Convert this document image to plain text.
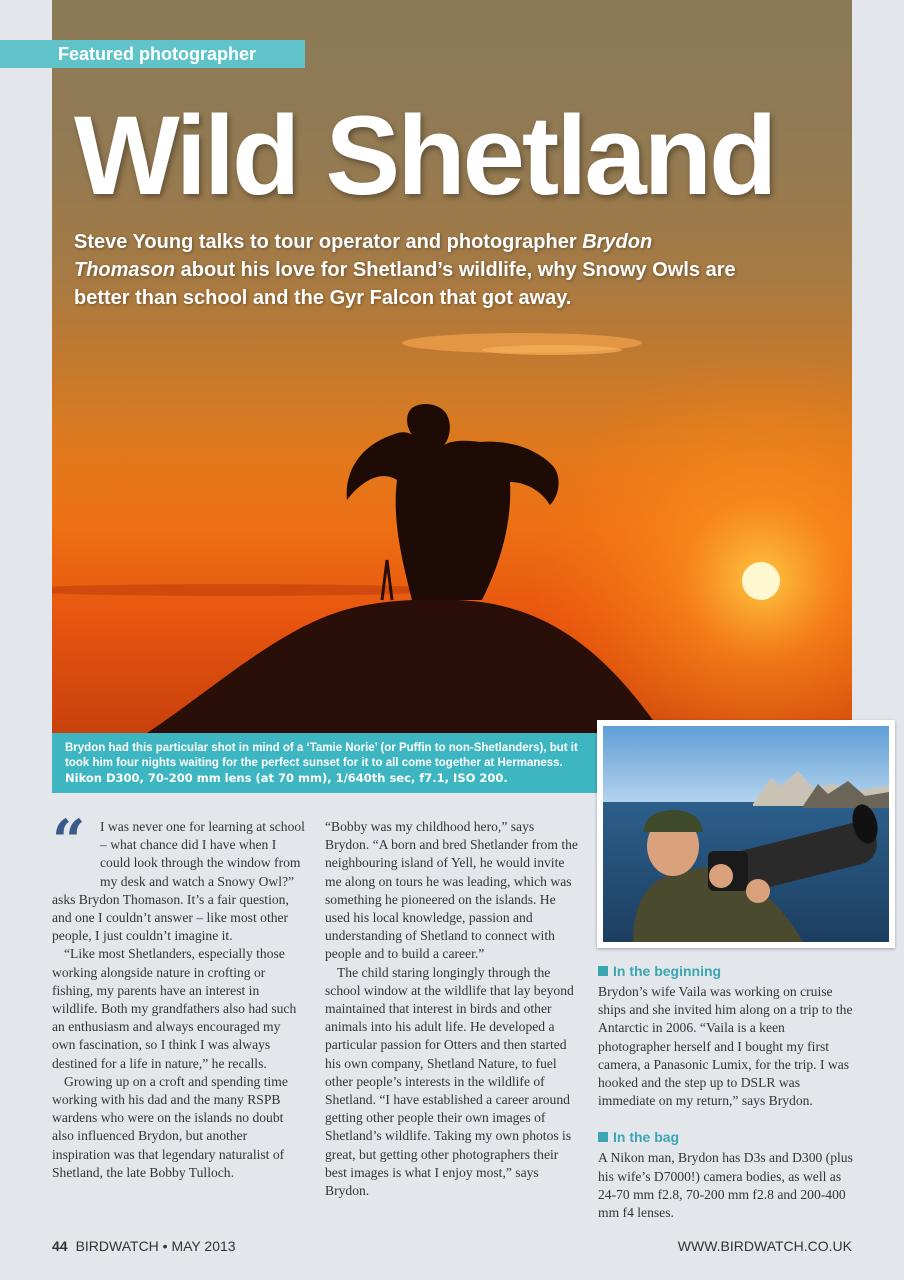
Featured photographer
Wild Shetland
Steve Young talks to tour operator and photographer Brydon Thomason about his love for Shetland’s wildlife, why Snowy Owls are better than school and the Gyr Falcon that got away.
Brydon had this particular shot in mind of a ‘Tamie Norie’ (or Puffin to non-Shetlanders), but it took him four nights waiting for the perfect sunset for it to all come together at Hermaness.
Nikon D300, 70-200 mm lens (at 70 mm), 1/640th sec, f7.1, ISO 200.
“	I was never one for learning at school – what chance did I have when I could look through the window from my desk and watch a Snowy Owl?” asks Brydon Thomason. It’s a fair question, and one I couldn’t answer – like most other people, I just couldn’t imagine it.

“Like most Shetlanders, especially those working alongside nature in crofting or fishing, my parents have an interest in wildlife. Both my grandfathers also had such an enthusiasm and always encouraged my own fascination, so I think I was always destined for a life in nature,” he recalls.

Growing up on a croft and spending time working with his dad and the many RSPB wardens who were on the islands no doubt also influenced Brydon, but another inspiration was that legendary naturalist of Shetland, the late Bobby Tulloch.

“Bobby was my childhood hero,” says Brydon. “A born and bred Shetlander from the neighbouring island of Yell, he would invite me along on tours he was leading, which was something he pioneered on the islands. He used his local knowledge, passion and understanding of Shetland to connect with people and to build a career.”

The child staring longingly through the school window at the wildlife that lay beyond maintained that interest in birds and other animals into his adult life. He developed a particular passion for Otters and then started his own company, Shetland Nature, to fuel other people’s interests in the wildlife of Shetland. “I have established a career around getting other people their own images of Shetland’s wildlife. Taking my own photos is great, but getting other photographers their best images is what I enjoy most,” says Brydon.

In the beginning

Brydon’s wife Vaila was working on cruise ships and she invited him along on a trip to the Antarctic in 2006. “Vaila is a keen photographer herself and I bought my first camera, a Panasonic Lumix, for the trip. I was hooked and the step up to DSLR was immediate on my return,” says Brydon.

In the bag

A Nikon man, Brydon has D3s and D300 (plus his wife’s D7000!) camera bodies, as well as 24-70 mm f2.8, 70-200 mm f2.8 and 200-400 mm f4 lenses.

44 BIRDWATCH • MAY 2013	WWW.BIRDWATCH.CO.UK
